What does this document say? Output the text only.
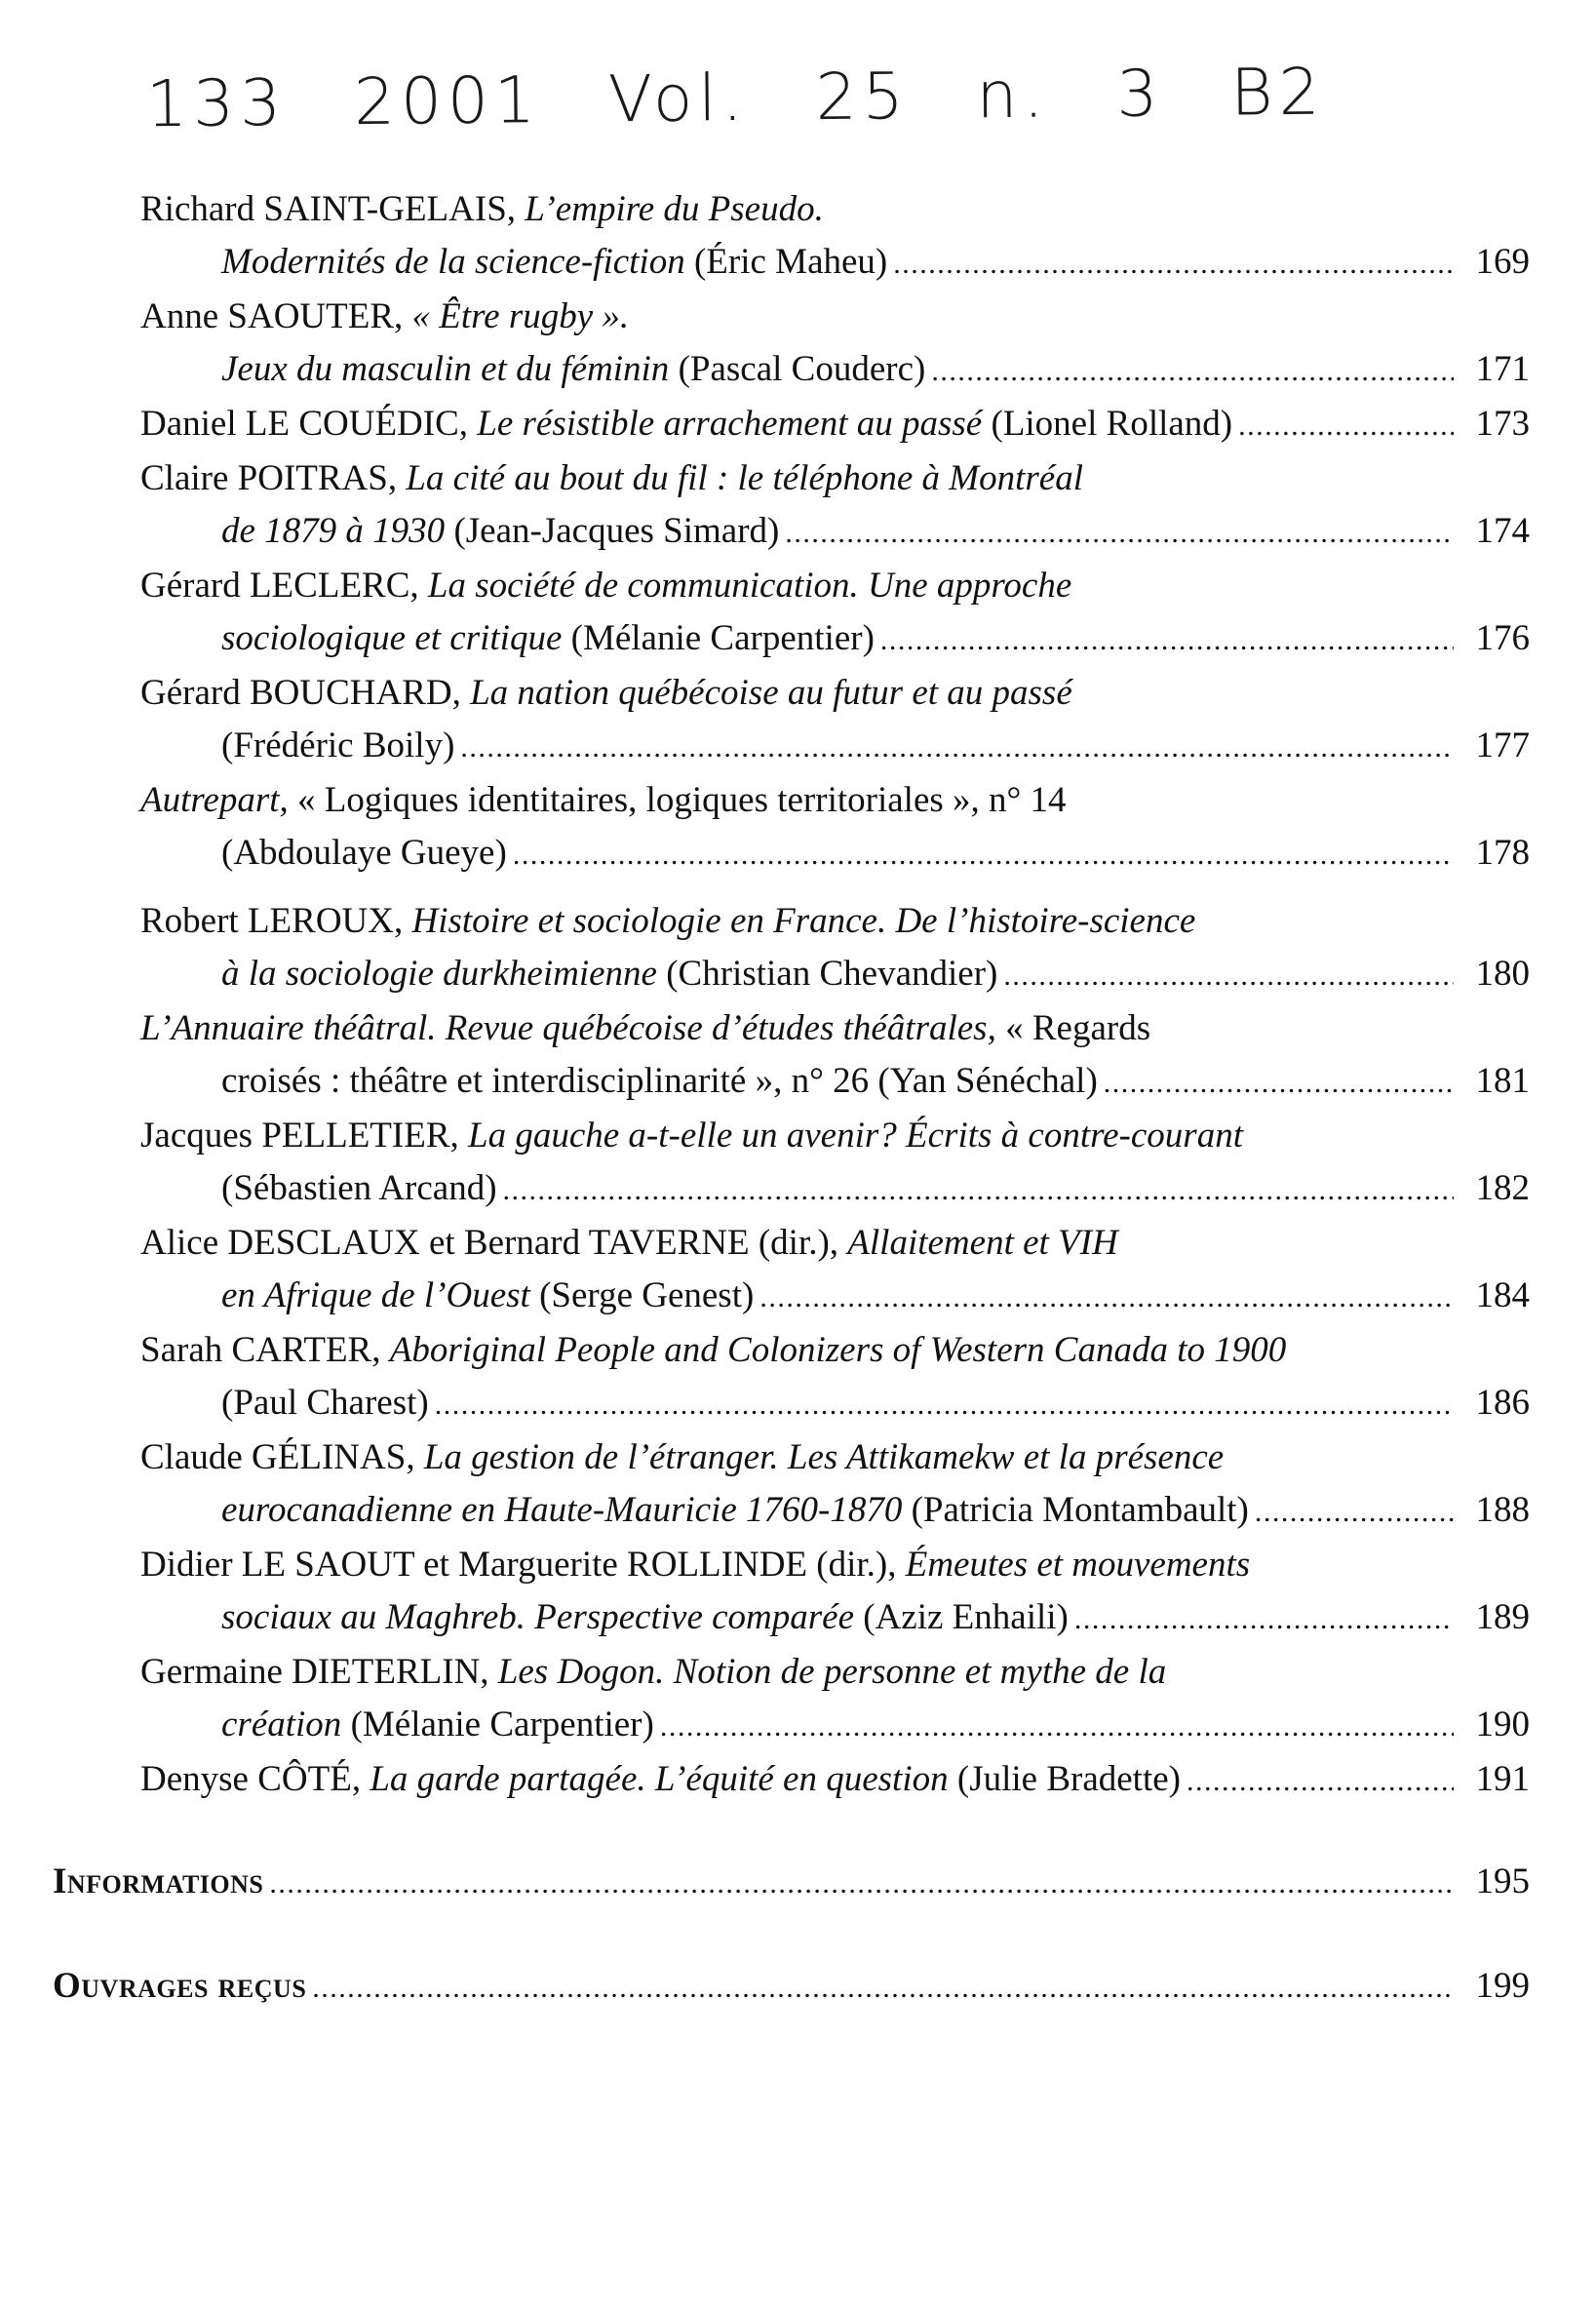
133 2001 Vol. 25 n. 3 B2
Richard SAINT-GELAIS, L’empire du Pseudo.
Modernités de la science-fiction (Éric Maheu) . . .	169
Anne SAOUTER, « Être rugby ».
Jeux du masculin et du féminin (Pascal Couderc) . . .	171
Daniel LE COUÉDIC, Le résistible arrachement au passé (Lionel Rolland) . . .	173
Claire POITRAS, La cité au bout du fil : le téléphone à Montréal
de 1879 à 1930 (Jean-Jacques Simard) . . .	174
Gérard LECLERC, La société de communication. Une approche
sociologique et critique (Mélanie Carpentier) . . .	176
Gérard BOUCHARD, La nation québécoise au futur et au passé
(Frédéric Boily) . . .	177
Autrepart, « Logiques identitaires, logiques territoriales », n° 14
(Abdoulaye Gueye) . . .	178
Robert LEROUX, Histoire et sociologie en France. De l’histoire-science
à la sociologie durkheimienne (Christian Chevandier) . . .	180
L’Annuaire théâtral. Revue québécoise d’études théâtrales, « Regards
croisés : théâtre et interdisciplinarité », n° 26 (Yan Sénéchal) . . .	181
Jacques PELLETIER, La gauche a-t-elle un avenir? Écrits à contre-courant
(Sébastien Arcand) . . .	182
Alice DESCLAUX et Bernard TAVERNE (dir.), Allaitement et VIH
en Afrique de l’Ouest (Serge Genest) . . .	184
Sarah CARTER, Aboriginal People and Colonizers of Western Canada to 1900
(Paul Charest) . . .	186
Claude GÉLINAS, La gestion de l’étranger. Les Attikamekw et la présence
eurocanadienne en Haute-Mauricie 1760-1870 (Patricia Montambault) . . .	188
Didier LE SAOUT et Marguerite ROLLINDE (dir.), Émeutes et mouvements
sociaux au Maghreb. Perspective comparée (Aziz Enhaili) . . .	189
Germaine DIETERLIN, Les Dogon. Notion de personne et mythe de la
création (Mélanie Carpentier) . . .	190
Denyse CÔTÉ, La garde partagée. L’équité en question (Julie Bradette) . . .	191
Informations . . .	195
Ouvrages reçus . . .	199
